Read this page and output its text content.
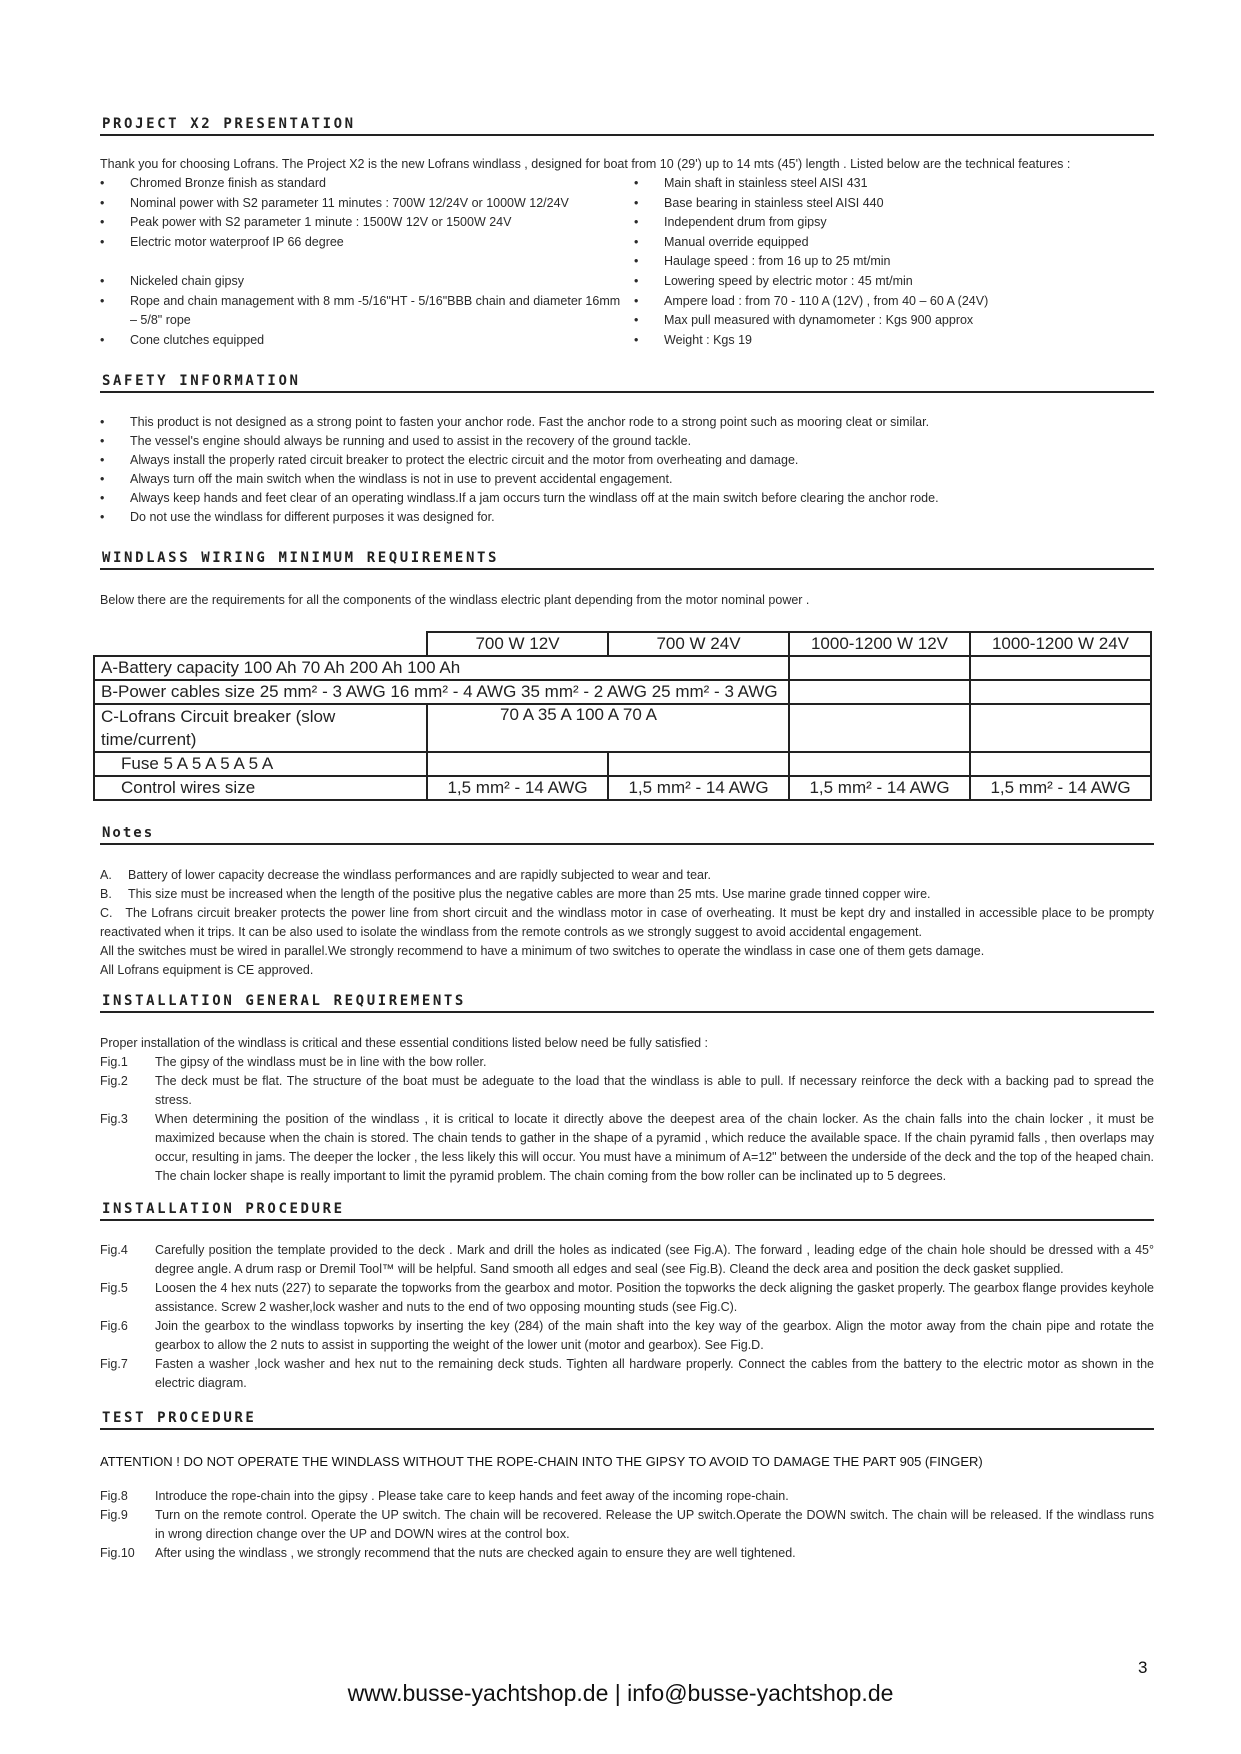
PROJECT X2 PRESENTATION

Thank you for choosing Lofrans. The Project X2 is the new Lofrans windlass , designed for boat from 10 (29') up to 14 mts (45') length . Listed below are the technical features :

• Chromed Bronze finish as standard
• Nominal power with S2 parameter 11 minutes : 700W 12/24V or 1000W 12/24V
• Peak power with S2 parameter 1 minute : 1500W 12V or 1500W 24V
• Electric motor waterproof IP 66 degree
• Nickeled chain gipsy
• Rope and chain management with 8 mm -5/16"HT - 5/16"BBB chain and diameter 16mm – 5/8" rope
• Cone clutches equipped
• Main shaft in stainless steel AISI 431
• Base bearing in stainless steel AISI 440
• Independent drum from gipsy
• Manual override equipped
• Haulage speed : from 16 up to 25 mt/min
• Lowering speed by electric motor : 45 mt/min
• Ampere load : from 70 - 110 A (12V) , from 40 – 60 A (24V)
• Max pull measured with dynamometer : Kgs 900 approx
• Weight : Kgs 19
SAFETY INFORMATION
• This product is not designed as a strong point to fasten your anchor rode. Fast the anchor rode to a strong point such as mooring cleat or similar.
• The vessel's engine should always be running and used to assist in the recovery of the ground tackle.
• Always install the properly rated circuit breaker to protect the electric circuit and the motor from overheating and damage.
• Always turn off the main switch when the windlass is not in use to prevent accidental engagement.
• Always keep hands and feet clear of an operating windlass.If a jam occurs turn the windlass off at the main switch before clearing the anchor rode.
• Do not use the windlass for different purposes it was designed for.
WINDLASS WIRING MINIMUM REQUIREMENTS

Below there are the requirements for all the components of the windlass electric plant depending from the motor nominal power .

	700 W 12V	700 W 24V	1000-1200 W 12V	1000-1200 W 24V
A-Battery capacity 100 Ah 70 Ah 200 Ah 100 Ah				
B-Power cables size 25 mm² - 3 AWG 16 mm² - 4 AWG 35 mm² - 2 AWG 25 mm² - 3 AWG				
C-Lofrans Circuit breaker (slow time/current)	70 A 35 A 100 A 70 A			
Fuse 5 A 5 A 5 A 5 A				
Control wires size	1,5 mm² - 14 AWG	1,5 mm² - 14 AWG	1,5 mm² - 14 AWG	1,5 mm² - 14 AWG
Notes
A.	Battery of lower capacity decrease the windlass performances and are rapidly subjected to wear and tear.
B.	This size must be increased when the length of the positive plus the negative cables are more than 25 mts. Use marine grade tinned copper wire.

C. The Lofrans circuit breaker protects the power line from short circuit and the windlass motor in case of overheating. It must be kept dry and installed in accessible place to be prompty reactivated when it trips. It can be also used to isolate the windlass from the remote controls as we strongly suggest to avoid accidental engagement.

All the switches must be wired in parallel.We strongly recommend to have a minimum of two switches to operate the windlass in case one of them gets damage.

All Lofrans equipment is CE approved.

INSTALLATION GENERAL REQUIREMENTS

Proper installation of the windlass is critical and these essential conditions listed below need be fully satisfied :

Fig.1	The gipsy of the windlass must be in line with the bow roller.
Fig.2	The deck must be flat. The structure of the boat must be adeguate to the load that the windlass is able to pull. If necessary reinforce the deck with a backing pad to spread the stress.
Fig.3	When determining the position of the windlass , it is critical to locate it directly above the deepest area of the chain locker. As the chain falls into the chain locker , it must be maximized because when the chain is stored. The chain tends to gather in the shape of a pyramid , which reduce the available space. If the chain pyramid falls , then overlaps may occur, resulting in jams. The deeper the locker , the less likely this will occur. You must have a minimum of A=12" between the underside of the deck and the top of the heaped chain. The chain locker shape is really important to limit the pyramid problem. The chain coming from the bow roller can be inclinated up to 5 degrees.
INSTALLATION PROCEDURE
Fig.4	Carefully position the template provided to the deck . Mark and drill the holes as indicated (see Fig.A). The forward , leading edge of the chain hole should be dressed with a 45° degree angle. A drum rasp or Dremil Tool™ will be helpful. Sand smooth all edges and seal (see Fig.B). Cleand the deck area and position the deck gasket supplied.
Fig.5	Loosen the 4 hex nuts (227) to separate the topworks from the gearbox and motor. Position the topworks the deck aligning the gasket properly. The gearbox flange provides keyhole assistance. Screw 2 washer,lock washer and nuts to the end of two opposing mounting studs (see Fig.C).
Fig.6	Join the gearbox to the windlass topworks by inserting the key (284) of the main shaft into the key way of the gearbox. Align the motor away from the chain pipe and rotate the gearbox to allow the 2 nuts to assist in supporting the weight of the lower unit (motor and gearbox). See Fig.D.
Fig.7	Fasten a washer ,lock washer and hex nut to the remaining deck studs. Tighten all hardware properly. Connect the cables from the battery to the electric motor as shown in the electric diagram.
TEST PROCEDURE

ATTENTION ! DO NOT OPERATE THE WINDLASS WITHOUT THE ROPE-CHAIN INTO THE GIPSY TO AVOID TO DAMAGE THE PART 905 (FINGER)

Fig.8	Introduce the rope-chain into the gipsy . Please take care to keep hands and feet away of the incoming rope-chain.
Fig.9	Turn on the remote control. Operate the UP switch. The chain will be recovered. Release the UP switch.Operate the DOWN switch. The chain will be released. If the windlass runs in wrong direction change over the UP and DOWN wires at the control box.
Fig.10	After using the windlass , we strongly recommend that the nuts are checked again to ensure they are well tightened.
3
www.busse-yachtshop.de | info@busse-yachtshop.de
